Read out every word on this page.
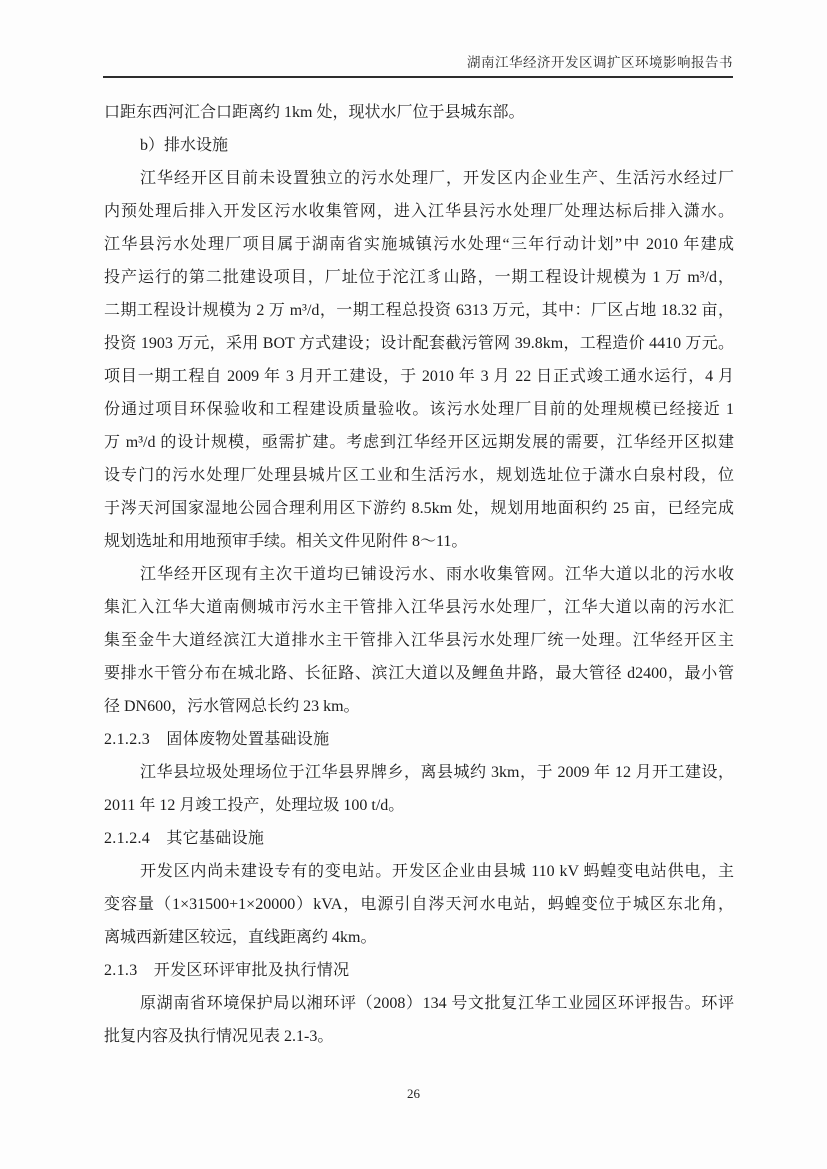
湖南江华经济开发区调扩区环境影响报告书
口距东西河汇合口距离约 1km 处，现状水厂位于县城东部。
b）排水设施
江华经开区目前未设置独立的污水处理厂，开发区内企业生产、生活污水经过厂
内预处理后排入开发区污水收集管网，进入江华县污水处理厂处理达标后排入潇水。
江华县污水处理厂项目属于湖南省实施城镇污水处理“三年行动计划”中 2010 年建成
投产运行的第二批建设项目，厂址位于沱江豸山路，一期工程设计规模为 1 万 m³/d，
二期工程设计规模为 2 万 m³/d，一期工程总投资 6313 万元，其中：厂区占地 18.32 亩，
投资 1903 万元，采用 BOT 方式建设；设计配套截污管网 39.8km，工程造价 4410 万元。
项目一期工程自 2009 年 3 月开工建设，于 2010 年 3 月 22 日正式竣工通水运行，4 月
份通过项目环保验收和工程建设质量验收。该污水处理厂目前的处理规模已经接近 1
万 m³/d 的设计规模，亟需扩建。考虑到江华经开区远期发展的需要，江华经开区拟建
设专门的污水处理厂处理县城片区工业和生活污水，规划选址位于潇水白泉村段，位
于涔天河国家湿地公园合理利用区下游约 8.5km 处，规划用地面积约 25 亩，已经完成
规划选址和用地预审手续。相关文件见附件 8～11。
江华经开区现有主次干道均已铺设污水、雨水收集管网。江华大道以北的污水收
集汇入江华大道南侧城市污水主干管排入江华县污水处理厂，江华大道以南的污水汇
集至金牛大道经滨江大道排水主干管排入江华县污水处理厂统一处理。江华经开区主
要排水干管分布在城北路、长征路、滨江大道以及鲤鱼井路，最大管径 d2400，最小管
径 DN600，污水管网总长约 23 km。
2.1.2.3　固体废物处置基础设施
江华县垃圾处理场位于江华县界牌乡，离县城约 3km，于 2009 年 12 月开工建设，
2011 年 12 月竣工投产，处理垃圾 100 t/d。
2.1.2.4　其它基础设施
开发区内尚未建设专有的变电站。开发区企业由县城 110 kV 蚂蝗变电站供电，主
变容量（1×31500+1×20000）kVA，电源引自涔天河水电站，蚂蝗变位于城区东北角，
离城西新建区较远，直线距离约 4km。
2.1.3　开发区环评审批及执行情况
原湖南省环境保护局以湘环评（2008）134 号文批复江华工业园区环评报告。环评
批复内容及执行情况见表 2.1-3。
26
